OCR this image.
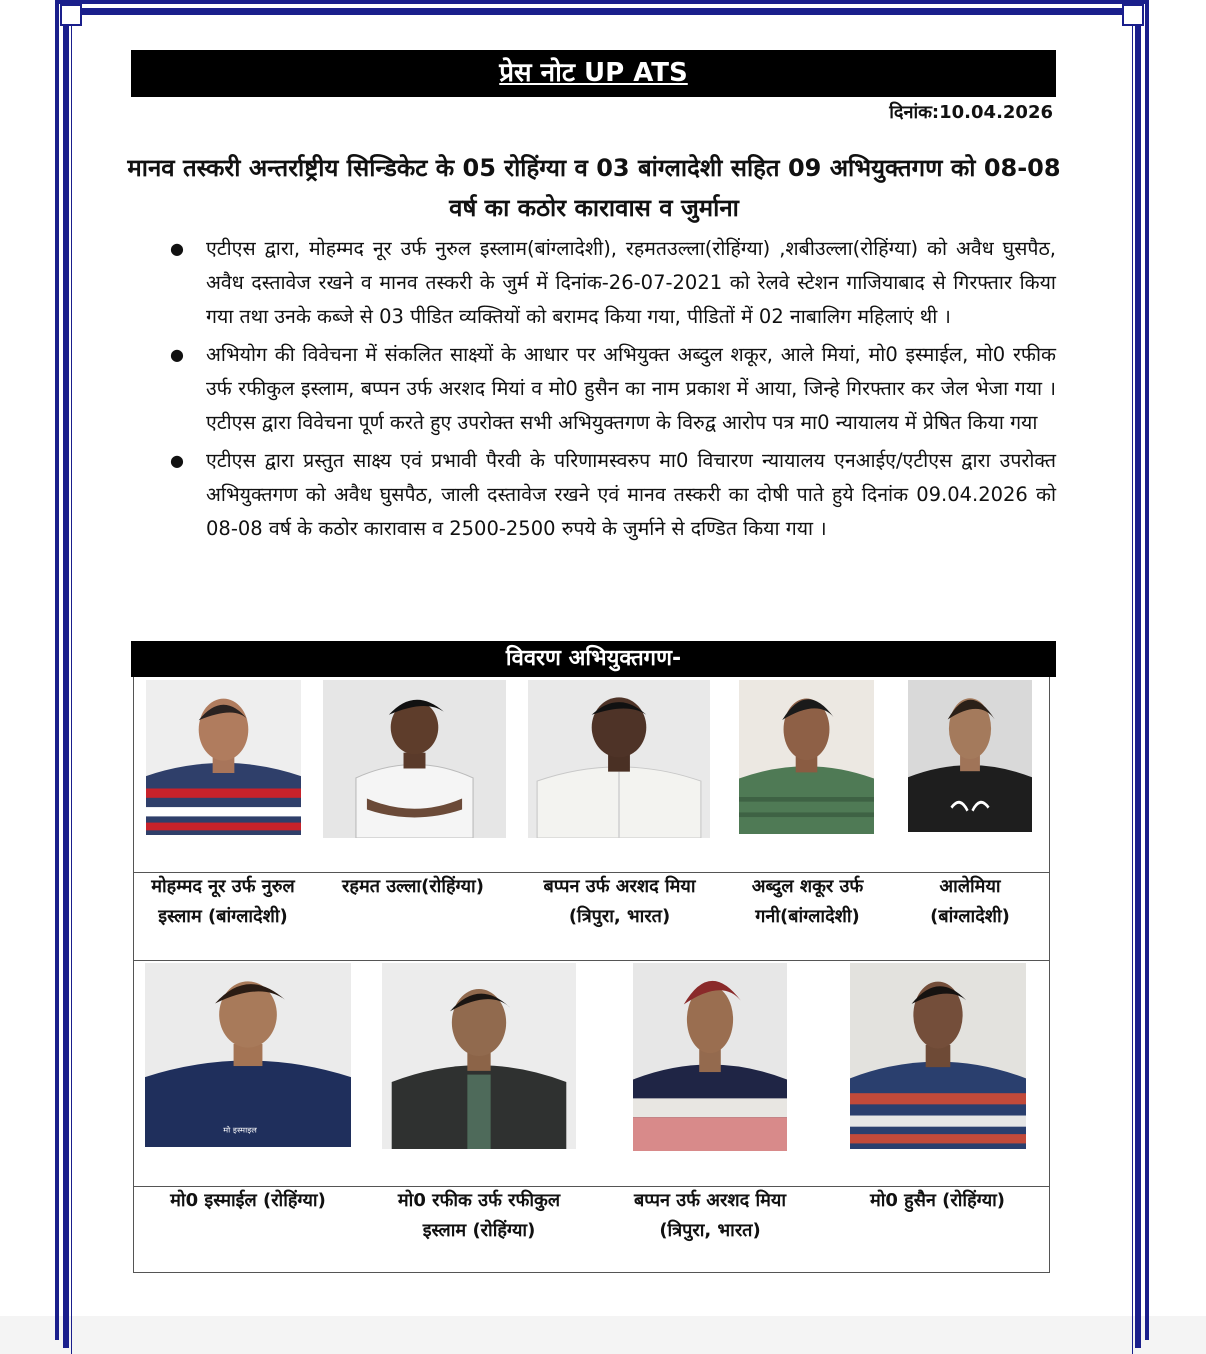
प्रेस नोट UP ATS
दिनांक:10.04.2026
मानव तस्करी अन्तर्राष्ट्रीय सिन्डिकेट के 05 रोहिंग्या व 03 बांग्लादेशी सहित 09 अभियुक्तगण को 08-08 वर्ष का कठोर कारावास व जुर्माना
● एटीएस द्वारा, मोहम्मद नूर उर्फ नुरुल इस्लाम(बांग्लादेशी), रहमतउल्ला(रोहिंग्या) ,शबीउल्ला(रोहिंग्या) को अवैध घुसपैठ, अवैध दस्तावेज रखने व मानव तस्करी के जुर्म में दिनांक-26-07-2021 को रेलवे स्टेशन गाजियाबाद से गिरफ्तार किया गया तथा उनके कब्जे से 03 पीडित व्यक्तियों को बरामद किया गया, पीडितों में 02 नाबालिग महिलाएं थी ।
● अभियोग की विवेचना में संकलित साक्ष्यों के आधार पर अभियुक्त अब्दुल शकूर, आले मियां, मो0 इस्माईल, मो0 रफीक उर्फ रफीकुल इस्लाम, बप्पन उर्फ अरशद मियां व मो0 हुसैन का नाम प्रकाश में आया, जिन्हे गिरफ्तार कर जेल भेजा गया । एटीएस द्वारा विवेचना पूर्ण करते हुए उपरोक्त सभी अभियुक्तगण के विरुद्व आरोप पत्र मा0 न्यायालय में प्रेषित किया गया
● एटीएस द्वारा प्रस्तुत साक्ष्य एवं प्रभावी पैरवी के परिणामस्वरुप मा0 विचारण न्यायालय एनआईए/एटीएस द्वारा उपरोक्त अभियुक्तगण को अवैध घुसपैठ, जाली दस्तावेज रखने एवं मानव तस्करी का दोषी पाते हुये दिनांक 09.04.2026 को 08-08 वर्ष के कठोर कारावास व 2500-2500 रुपये के जुर्माने से दण्डित किया गया ।
विवरण अभियुक्तगण-
मोहम्मद नूर उर्फ नुरुल इस्लाम (बांग्लादेशी)
रहमत उल्ला(रोहिंग्या)	बप्पन उर्फ अरशद मिया (त्रिपुरा, भारत)
अब्दुल शकूर उर्फ गनी(बांग्लादेशी)
आलेमिया (बांग्लादेशी)
मो इस्माइल
मो0 इस्माईल (रोहिंग्या)	मो0 रफीक उर्फ रफीकुल इस्लाम (रोहिंग्या)
बप्पन उर्फ अरशद मिया (त्रिपुरा, भारत)
मो0 हुसैन (रोहिंग्या)
